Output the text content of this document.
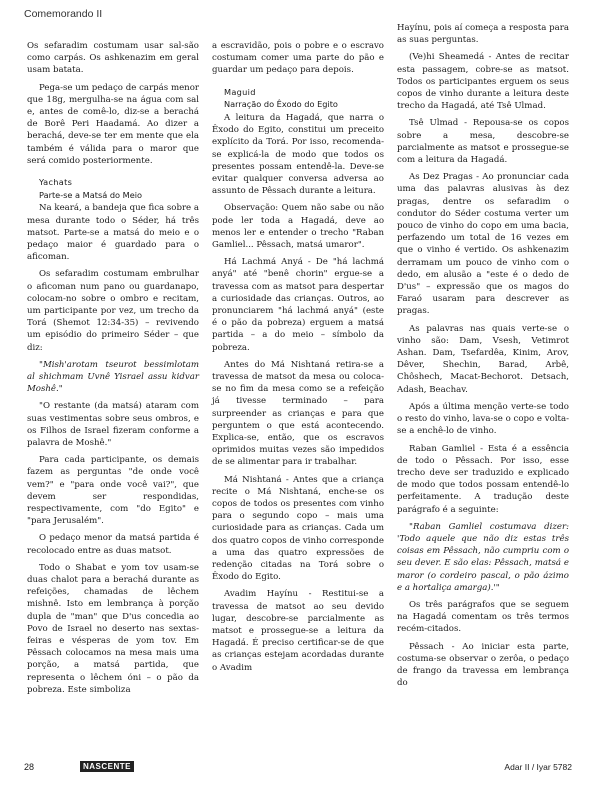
Comemorando II

Os sefaradim costumam usar sal-são como carpás. Os ashkenazim em geral usam batata.

Pega-se um pedaço de carpás menor que 18g, mergulha-se na água com sal e, antes de comê-lo, diz-se a berachá de Borê Peri Haadamá. Ao dizer a berachá, deve-se ter em mente que ela também é válida para o maror que será comido posteriormente.

Yachats
Parte-se a Matsá do Meio

Na keará, a bandeja que fica sobre a mesa durante todo o Séder, há três matsot. Parte-se a matsá do meio e o pedaço maior é guardado para o aficoman.

Os sefaradim costumam embrulhar o aficoman num pano ou guardanapo, colocam-no sobre o ombro e recitam, um participante por vez, um trecho da Torá (Shemot 12:34-35) – revivendo um episódio do primeiro Séder – que diz:

"Mish'arotam tseurot bessimlotam al shichmam Uvnê Yisrael assu kidvar Moshê."

"O restante (da matsá) ataram com suas vestimentas sobre seus ombros, e os Filhos de Israel fizeram conforme a palavra de Moshê."

Para cada participante, os demais fazem as perguntas "de onde você vem?" e "para onde você vai?", que devem ser respondidas, respectivamente, com "do Egito" e "para Jerusalém".

O pedaço menor da matsá partida é recolocado entre as duas matsot.

Todo o Shabat e yom tov usam-se duas chalot para a berachá durante as refeições, chamadas de lêchem mishnê. Isto em lembrança à porção dupla de "man" que D'us concedia ao Povo de Israel no deserto nas sextas-feiras e vésperas de yom tov. Em Pêssach colocamos na mesa mais uma porção, a matsá partida, que representa o lêchem óni – o pão da pobreza. Este simboliza

a escravidão, pois o pobre e o escravo costumam comer uma parte do pão e guardar um pedaço para depois.

Maguid
Narração do Êxodo do Egito

A leitura da Hagadá, que narra o Êxodo do Egito, constitui um preceito explícito da Torá. Por isso, recomenda-se explicá-la de modo que todos os presentes possam entendê-la. Deve-se evitar qualquer conversa adversa ao assunto de Pêssach durante a leitura.

Observação: Quem não sabe ou não pode ler toda a Hagadá, deve ao menos ler e entender o trecho "Raban Gamliel... Pêssach, matsá umaror".

Há Lachmá Anyá - De "há lachmá anyá" até "benê chorin" ergue-se a travessa com as matsot para despertar a curiosidade das crianças. Outros, ao pronunciarem "há lachmá anyá" (este é o pão da pobreza) erguem a matsá partida – a do meio – símbolo da pobreza.

Antes do Má Nishtaná retira-se a travessa de matsot da mesa ou coloca-se no fim da mesa como se a refeição já tivesse terminado – para surpreender as crianças e para que perguntem o que está acontecendo. Explica-se, então, que os escravos oprimidos muitas vezes são impedidos de se alimentar para ir trabalhar.

Má Nishtaná - Antes que a criança recite o Má Nishtaná, enche-se os copos de todos os presentes com vinho para o segundo copo – mais uma curiosidade para as crianças. Cada um dos quatro copos de vinho corresponde a uma das quatro expressões de redenção citadas na Torá sobre o Êxodo do Egito.

Avadim Hayínu - Restitui-se a travessa de matsot ao seu devido lugar, descobre-se parcialmente as matsot e prossegue-se a leitura da Hagadá. É preciso certificar-se de que as crianças estejam acordadas durante o Avadim

Hayínu, pois aí começa a resposta para as suas perguntas.

(Ve)hi Sheamedá - Antes de recitar esta passagem, cobre-se as matsot. Todos os participantes erguem os seus copos de vinho durante a leitura deste trecho da Hagadá, até Tsê Ulmad.

Tsê Ulmad - Repousa-se os copos sobre a mesa, descobre-se parcialmente as matsot e prossegue-se com a leitura da Hagadá.

As Dez Pragas - Ao pronunciar cada uma das palavras alusivas às dez pragas, dentre os sefaradim o condutor do Séder costuma verter um pouco de vinho do copo em uma bacia, perfazendo um total de 16 vezes em que o vinho é vertido. Os ashkenazim derramam um pouco de vinho com o dedo, em alusão a "este é o dedo de D'us" – expressão que os magos do Faraó usaram para descrever as pragas.

As palavras nas quais verte-se o vinho são: Dam, Vsesh, Vetimrot Ashan. Dam, Tsefardêa, Kinim, Arov, Dêver, Shechin, Barad, Arbê, Chôshech, Macat-Bechorot. Detsach, Adash, Beachav.

Após a última menção verte-se todo o resto do vinho, lava-se o copo e volta-se a enchê-lo de vinho.

Raban Gamliel - Esta é a essência de todo o Pêssach. Por isso, esse trecho deve ser traduzido e explicado de modo que todos possam entendê-lo perfeitamente. A tradução deste parágrafo é a seguinte:

"Raban Gamliel costumava dizer: 'Todo aquele que não diz estas três coisas em Pêssach, não cumpriu com o seu dever. E são elas: Pêssach, matsá e maror (o cordeiro pascal, o pão ázimo e a hortaliça amarga).'"

Os três parágrafos que se seguem na Hagadá comentam os três termos recém-citados.

Pêssach - Ao iniciar esta parte, costuma-se observar o zerôa, o pedaço de frango da travessa em lembrança do

28	NASCENTE	Adar II / Iyar 5782
